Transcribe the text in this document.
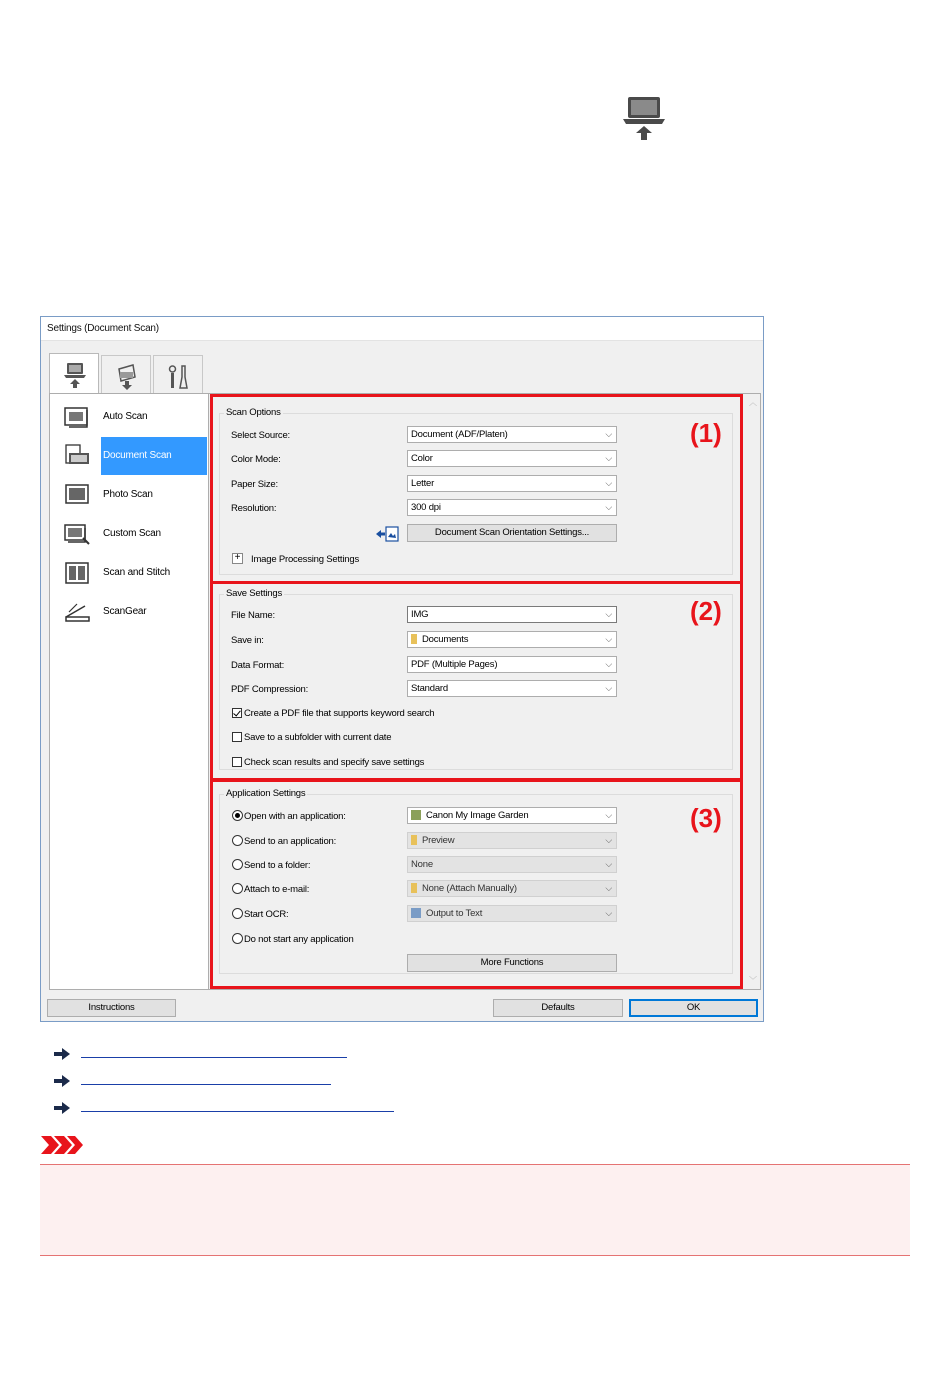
Settings (Document Scan)
Auto Scan
Document Scan
Photo Scan
Custom Scan
Scan and Stitch
ScanGear
Scan Options
Select Source:	Document (ADF/Platen)	⌵
Color Mode:	Color	⌵
Paper Size:	Letter	⌵
Resolution:	300 dpi	⌵
Document Scan Orientation Settings...
+ Image Processing Settings
Save Settings
File Name:	IMG	⌵
Save in:	Documents	⌵
Data Format:	PDF (Multiple Pages)	⌵
PDF Compression:	Standard	⌵
Create a PDF file that supports keyword search
Save to a subfolder with current date
Check scan results and specify save settings
Application Settings
Open with an application:	Canon My Image Garden	⌵
Send to an application:	Preview	⌵
Send to a folder:	None	⌵
Attach to e-mail:	None (Attach Manually)	⌵
Start OCR:	Output to Text	⌵
Do not start any application
More Functions
(1)
(2)
(3)
︿
﹀
Instructions	Defaults	OK
